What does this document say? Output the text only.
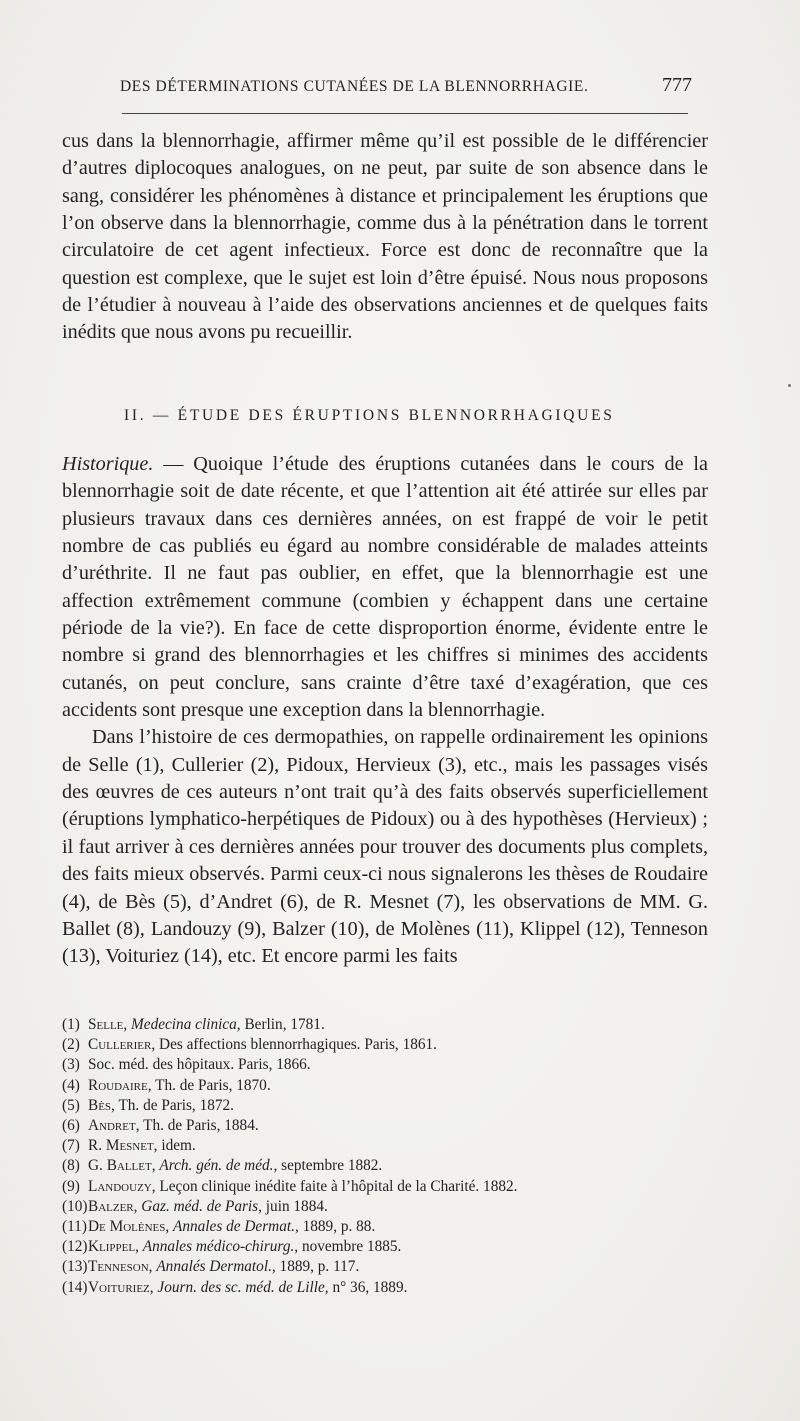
DES DÉTERMINATIONS CUTANÉES DE LA BLENNORRHAGIE.	777

cus dans la blennorrhagie, affirmer même qu’il est possible de le différencier d’autres diplocoques analogues, on ne peut, par suite de son absence dans le sang, considérer les phénomènes à distance et principalement les éruptions que l’on observe dans la blennorrhagie, comme dus à la pénétration dans le torrent circulatoire de cet agent infectieux. Force est donc de reconnaître que la question est complexe, que le sujet est loin d’être épuisé. Nous nous proposons de l’étudier à nouveau à l’aide des observations anciennes et de quelques faits inédits que nous avons pu recueillir.

II. — ÉTUDE DES ÉRUPTIONS BLENNORRHAGIQUES

Historique. — Quoique l’étude des éruptions cutanées dans le cours de la blennorrhagie soit de date récente, et que l’attention ait été attirée sur elles par plusieurs travaux dans ces dernières années, on est frappé de voir le petit nombre de cas publiés eu égard au nombre considérable de malades atteints d’uréthrite. Il ne faut pas oublier, en effet, que la blennorrhagie est une affection extrêmement commune (combien y échappent dans une certaine période de la vie?). En face de cette disproportion énorme, évidente entre le nombre si grand des blennorrhagies et les chiffres si minimes des accidents cutanés, on peut conclure, sans crainte d’être taxé d’exagération, que ces accidents sont presque une exception dans la blennorrhagie.

Dans l’histoire de ces dermopathies, on rappelle ordinairement les opinions de Selle (1), Cullerier (2), Pidoux, Hervieux (3), etc., mais les passages visés des œuvres de ces auteurs n’ont trait qu’à des faits observés superficiellement (éruptions lymphatico-herpétiques de Pidoux) ou à des hypothèses (Hervieux) ; il faut arriver à ces dernières années pour trouver des documents plus complets, des faits mieux observés. Parmi ceux-ci nous signalerons les thèses de Roudaire (4), de Bès (5), d’Andret (6), de R. Mesnet (7), les observations de MM. G. Ballet (8), Landouzy (9), Balzer (10), de Molènes (11), Klippel (12), Tenneson (13), Voituriez (14), etc. Et encore parmi les faits

(1) Selle, Medecina clinica, Berlin, 1781.
(2) Cullerier, Des affections blennorrhagiques. Paris, 1861.
(3) Soc. méd. des hôpitaux. Paris, 1866.
(4) Roudaire, Th. de Paris, 1870.
(5) Bès, Th. de Paris, 1872.
(6) Andret, Th. de Paris, 1884.
(7) R. Mesnet, idem.
(8) G. Ballet, Arch. gén. de méd., septembre 1882.
(9) Landouzy, Leçon clinique inédite faite à l’hôpital de la Charité. 1882.
(10)Balzer, Gaz. méd. de Paris, juin 1884.
(11)De Molènes, Annales de Dermat., 1889, p. 88.
(12)Klippel, Annales médico-chirurg., novembre 1885.
(13)Tenneson, Annalés Dermatol., 1889, p. 117.
(14)Voituriez, Journ. des sc. méd. de Lille, n° 36, 1889.
